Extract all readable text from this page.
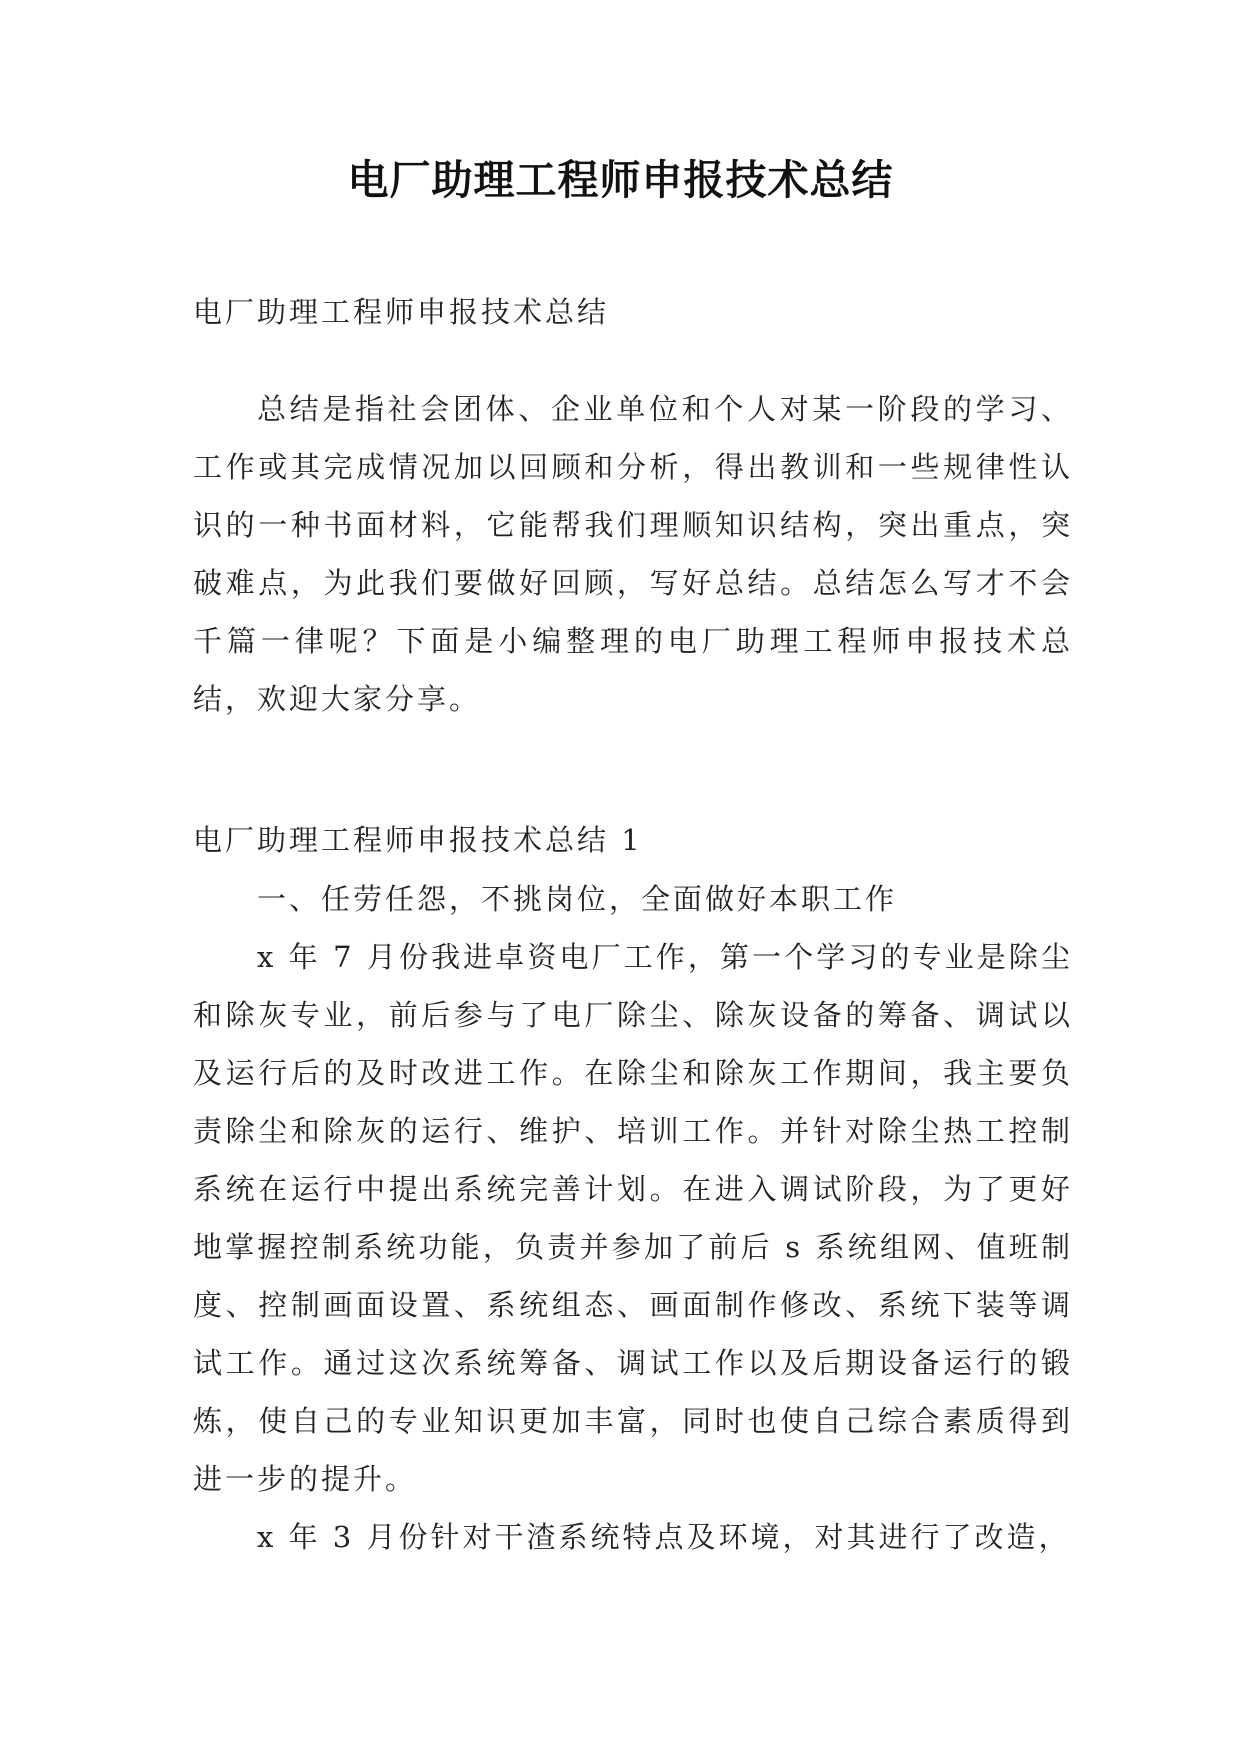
电厂助理工程师申报技术总结
电厂助理工程师申报技术总结

总结是指社会团体、企业单位和个人对某一阶段的学习、工作或其完成情况加以回顾和分析，得出教训和一些规律性认识的一种书面材料，它能帮我们理顺知识结构，突出重点，突破难点，为此我们要做好回顾，写好总结。总结怎么写才不会千篇一律呢？下面是小编整理的电厂助理工程师申报技术总结，欢迎大家分享。

电厂助理工程师申报技术总结 1

一、任劳任怨，不挑岗位，全面做好本职工作

x 年 7 月份我进卓资电厂工作，第一个学习的专业是除尘和除灰专业，前后参与了电厂除尘、除灰设备的筹备、调试以及运行后的及时改进工作。在除尘和除灰工作期间，我主要负责除尘和除灰的运行、维护、培训工作。并针对除尘热工控制系统在运行中提出系统完善计划。在进入调试阶段，为了更好地掌握控制系统功能，负责并参加了前后 s 系统组网、值班制度、控制画面设置、系统组态、画面制作修改、系统下装等调试工作。通过这次系统筹备、调试工作以及后期设备运行的锻炼，使自己的专业知识更加丰富，同时也使自己综合素质得到进一步的提升。

x 年 3 月份针对干渣系统特点及环境，对其进行了改造，
